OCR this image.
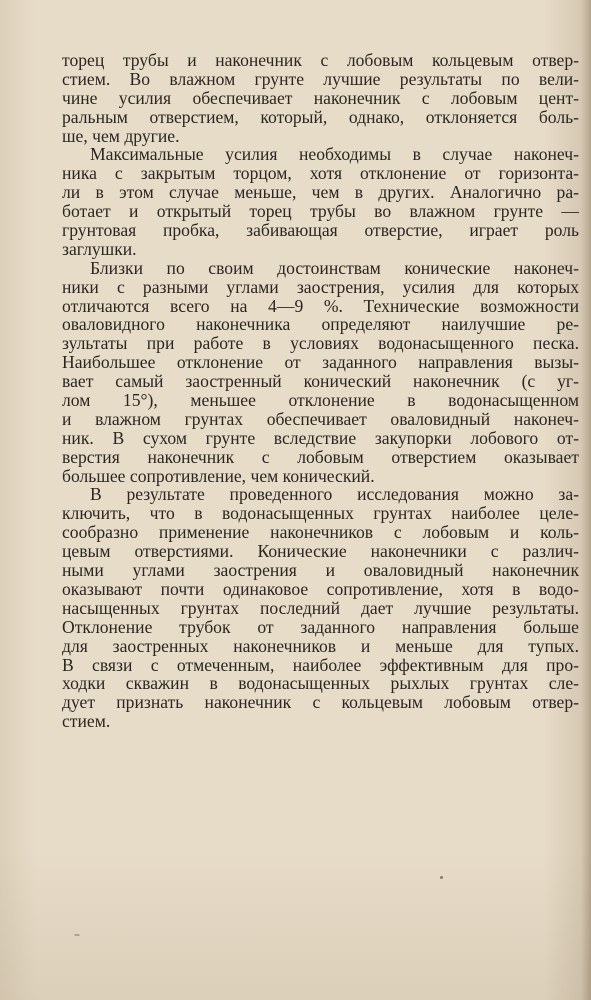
торец трубы и наконечник с лобовым кольцевым отвер-
стием. Во влажном грунте лучшие результаты по вели-
чине усилия обеспечивает наконечник с лобовым цент-
ральным отверстием, который, однако, отклоняется боль-
ше, чем другие.

Максимальные усилия необходимы в случае наконеч-
ника с закрытым торцом, хотя отклонение от горизонта-
ли в этом случае меньше, чем в других. Аналогично ра-
ботает и открытый торец трубы во влажном грунте —
грунтовая пробка, забивающая отверстие, играет роль
заглушки.

Близки по своим достоинствам конические наконеч-
ники с разными углами заострения, усилия для которых
отличаются всего на 4—9 %. Технические возможности
оваловидного наконечника определяют наилучшие ре-
зультаты при работе в условиях водонасыщенного песка.
Наибольшее отклонение от заданного направления вызы-
вает самый заостренный конический наконечник (с уг-
лом 15°), меньшее отклонение в водонасыщенном
и влажном грунтах обеспечивает оваловидный наконеч-
ник. В сухом грунте вследствие закупорки лобового от-
верстия наконечник с лобовым отверстием оказывает
большее сопротивление, чем конический.

В результате проведенного исследования можно за-
ключить, что в водонасыщенных грунтах наиболее целе-
сообразно применение наконечников с лобовым и коль-
цевым отверстиями. Конические наконечники с различ-
ными углами заострения и оваловидный наконечник
оказывают почти одинаковое сопротивление, хотя в водо-
насыщенных грунтах последний дает лучшие результаты.
Отклонение трубок от заданного направления больше
для заостренных наконечников и меньше для тупых.
В связи с отмеченным, наиболее эффективным для про-
ходки скважин в водонасыщенных рыхлых грунтах сле-
дует признать наконечник с кольцевым лобовым отвер-
стием.
